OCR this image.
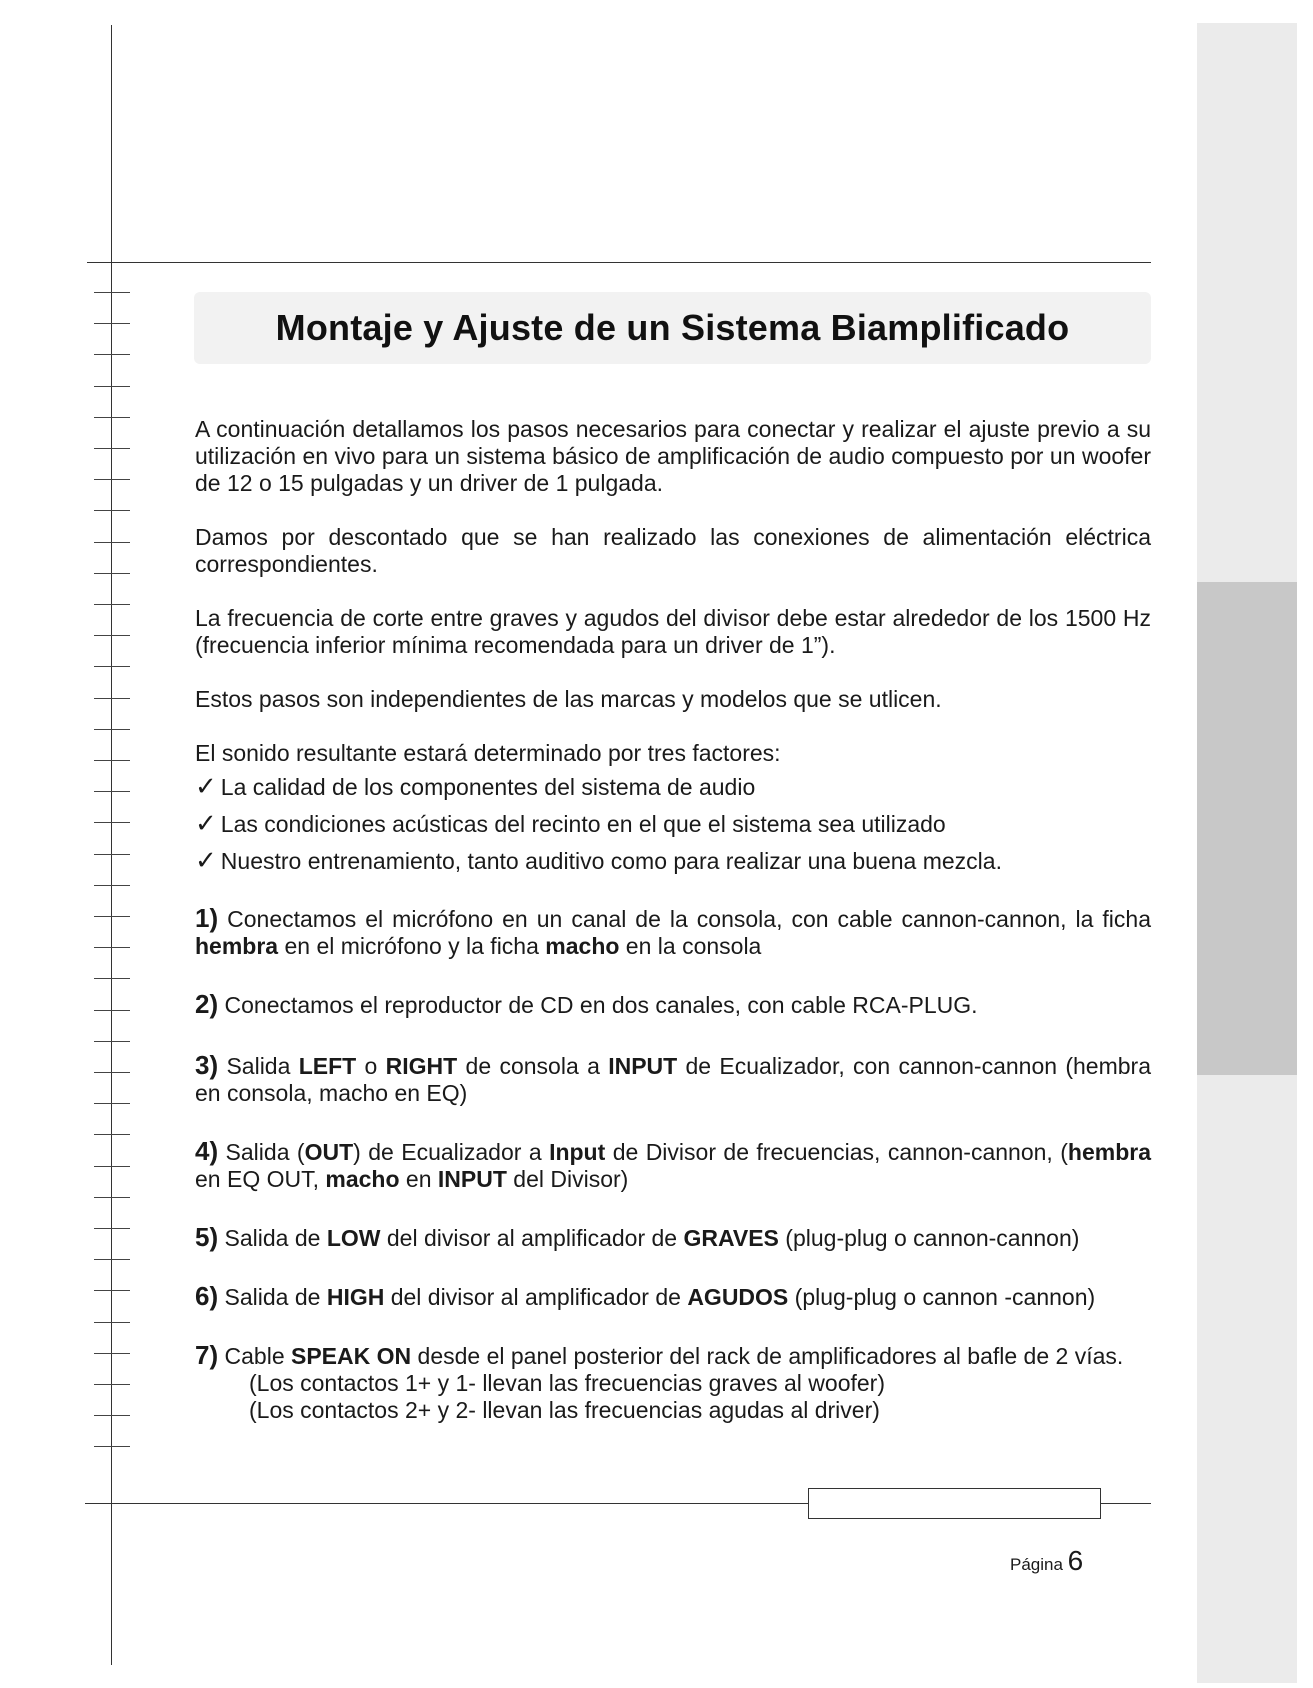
Montaje y Ajuste de un Sistema Biamplificado

A continuación detallamos los pasos necesarios para conectar y realizar el ajuste previo a su utilización en vivo para un sistema básico de amplificación de audio compuesto por un woofer de 12 o 15 pulgadas y un driver de 1 pulgada.

Damos por descontado que se han realizado las conexiones de alimentación eléctrica correspondientes.

La frecuencia de corte entre graves y agudos del divisor debe estar alrededor de los 1500 Hz (frecuencia inferior mínima recomendada para un driver de 1”).

Estos pasos son independientes de las marcas y modelos que se utlicen.

El sonido resultante estará determinado por tres factores:

✓ La calidad de los componentes del sistema de audio

✓ Las condiciones acústicas del recinto en el que el sistema sea utilizado

✓ Nuestro entrenamiento, tanto auditivo como para realizar una buena mezcla.

1) Conectamos el micrófono en un canal de la consola, con cable cannon-cannon, la ficha hembra en el micrófono y la ficha macho en la consola

2) Conectamos el reproductor de CD en dos canales, con cable RCA-PLUG.

3) Salida LEFT o RIGHT de consola a INPUT de Ecualizador, con cannon-cannon (hembra en consola, macho en EQ)

4) Salida (OUT) de Ecualizador a Input de Divisor de frecuencias, cannon-cannon, (hembra en EQ OUT, macho en INPUT del Divisor)

5) Salida de LOW del divisor al amplificador de GRAVES (plug-plug o cannon-cannon)

6) Salida de HIGH del divisor al amplificador de AGUDOS (plug-plug o cannon -cannon)

7) Cable SPEAK ON desde el panel posterior del rack de amplificadores al bafle de 2 vías.

(Los contactos 1+ y 1- llevan las frecuencias graves al woofer)

(Los contactos 2+ y 2- llevan las frecuencias agudas al driver)

Página 6
